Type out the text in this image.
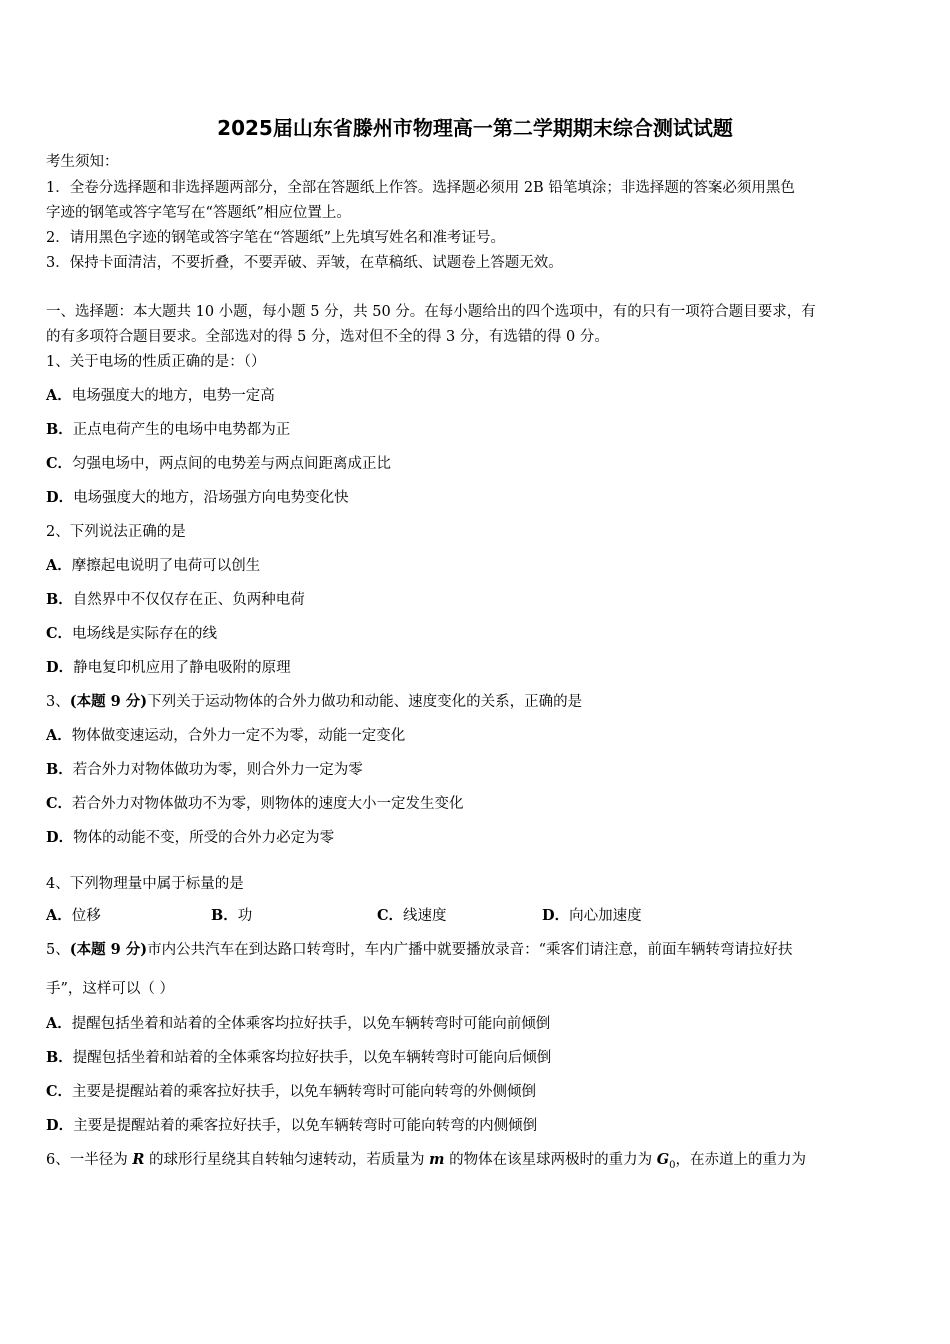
2025届山东省滕州市物理高一第二学期期末综合测试试题
考生须知：
1．全卷分选择题和非选择题两部分，全部在答题纸上作答。选择题必须用 2B 铅笔填涂；非选择题的答案必须用黑色
字迹的钢笔或答字笔写在“答题纸”相应位置上。
2．请用黑色字迹的钢笔或答字笔在“答题纸”上先填写姓名和准考证号。
3．保持卡面清洁，不要折叠，不要弄破、弄皱，在草稿纸、试题卷上答题无效。
一、选择题：本大题共 10 小题，每小题 5 分，共 50 分。在每小题给出的四个选项中，有的只有一项符合题目要求，有
的有多项符合题目要求。全部选对的得 5 分，选对但不全的得 3 分，有选错的得 0 分。
1、关于电场的性质正确的是：（）
A．电场强度大的地方，电势一定高
B．正点电荷产生的电场中电势都为正
C．匀强电场中，两点间的电势差与两点间距离成正比
D．电场强度大的地方，沿场强方向电势变化快
2、下列说法正确的是
A．摩擦起电说明了电荷可以创生
B．自然界中不仅仅存在正、负两种电荷
C．电场线是实际存在的线
D．静电复印机应用了静电吸附的原理
3、(本题 9 分)下列关于运动物体的合外力做功和动能、速度变化的关系，正确的是
A．物体做变速运动，合外力一定不为零，动能一定变化
B．若合外力对物体做功为零，则合外力一定为零
C．若合外力对物体做功不为零，则物体的速度大小一定发生变化
D．物体的动能不变，所受的合外力必定为零
4、下列物理量中属于标量的是
A．位移	B．功	C．线速度	D．向心加速度
5、(本题 9 分)市内公共汽车在到达路口转弯时，车内广播中就要播放录音：“乘客们请注意，前面车辆转弯请拉好扶
手”，这样可以（ ）
A．提醒包括坐着和站着的全体乘客均拉好扶手，以免车辆转弯时可能向前倾倒
B．提醒包括坐着和站着的全体乘客均拉好扶手，以免车辆转弯时可能向后倾倒
C．主要是提醒站着的乘客拉好扶手，以免车辆转弯时可能向转弯的外侧倾倒
D．主要是提醒站着的乘客拉好扶手，以免车辆转弯时可能向转弯的内侧倾倒
6、一半径为 R 的球形行星绕其自转轴匀速转动，若质量为 m 的物体在该星球两极时的重力为 $G_0$，在赤道上的重力为
